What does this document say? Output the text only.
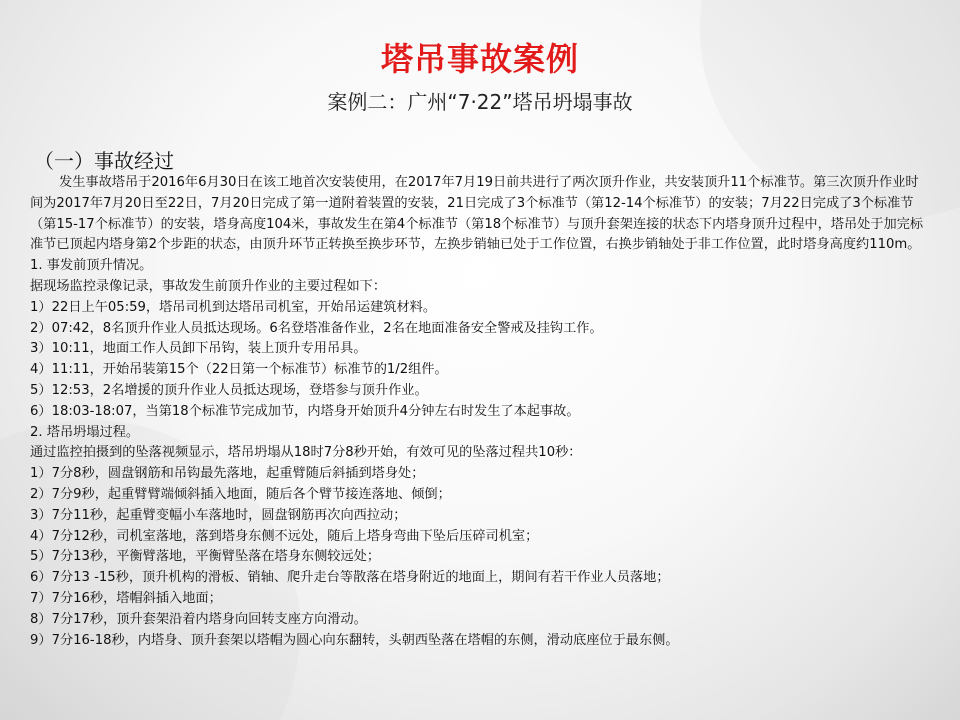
塔吊事故案例
案例二：广州“7·22”塔吊坍塌事故
（一）事故经过

发生事故塔吊于2016年6月30日在该工地首次安装使用，在2017年7月19日前共进行了两次顶升作业，共安装顶升11个标准节。第三次顶升作业时间为2017年7月20日至22日，7月20日完成了第一道附着装置的安装，21日完成了3个标准节（第12-14个标准节）的安装；7月22日完成了3个标准节（第15-17个标准节）的安装，塔身高度104米，事故发生在第4个标准节（第18个标准节）与顶升套架连接的状态下内塔身顶升过程中，塔吊处于加完标准节已顶起内塔身第2个步距的状态，由顶升环节正转换至换步环节，左换步销轴已处于工作位置，右换步销轴处于非工作位置，此时塔身高度约110m。

1. 事发前顶升情况。
据现场监控录像记录，事故发生前顶升作业的主要过程如下：
1）22日上午05:59，塔吊司机到达塔吊司机室，开始吊运建筑材料。
2）07:42，8名顶升作业人员抵达现场。6名登塔准备作业，2名在地面准备安全警戒及挂钩工作。
3）10:11，地面工作人员卸下吊钩，装上顶升专用吊具。
4）11:11，开始吊装第15个（22日第一个标准节）标准节的1/2组件。
5）12:53，2名增援的顶升作业人员抵达现场，登塔参与顶升作业。
6）18:03-18:07，当第18个标准节完成加节，内塔身开始顶升4分钟左右时发生了本起事故。
2. 塔吊坍塌过程。
通过监控拍摄到的坠落视频显示，塔吊坍塌从18时7分8秒开始，有效可见的坠落过程共10秒：
1）7分8秒，圆盘钢筋和吊钩最先落地，起重臂随后斜插到塔身处；
2）7分9秒，起重臂臂端倾斜插入地面，随后各个臂节接连落地、倾倒；
3）7分11秒，起重臂变幅小车落地时，圆盘钢筋再次向西拉动；
4）7分12秒，司机室落地，落到塔身东侧不远处，随后上塔身弯曲下坠后压碎司机室；
5）7分13秒，平衡臂落地，平衡臂坠落在塔身东侧较远处；
6）7分13 -15秒，顶升机构的滑板、销轴、爬升走台等散落在塔身附近的地面上，期间有若干作业人员落地；
7）7分16秒，塔帽斜插入地面；
8）7分17秒，顶升套架沿着内塔身向回转支座方向滑动。
9）7分16-18秒，内塔身、顶升套架以塔帽为圆心向东翻转，头朝西坠落在塔帽的东侧，滑动底座位于最东侧。
